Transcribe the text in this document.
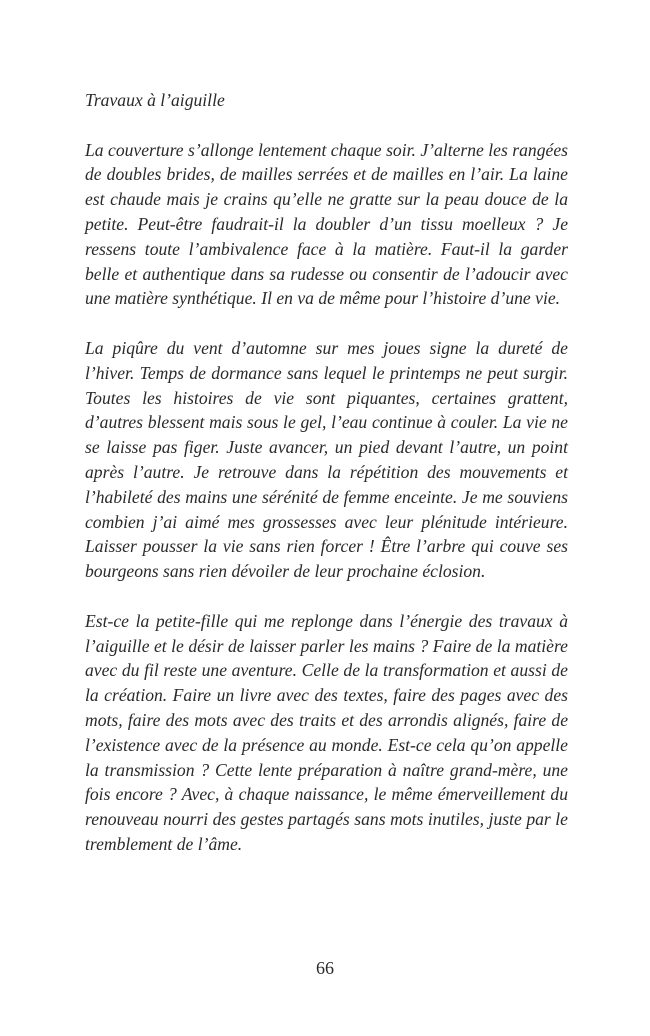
Travaux à l’aiguille

La couverture s’allonge lentement chaque soir. J’alterne les rangées de doubles brides, de mailles serrées et de mailles en l’air. La laine est chaude mais je crains qu’elle ne gratte sur la peau douce de la petite. Peut-être faudrait-il la doubler d’un tissu moelleux ? Je ressens toute l’ambivalence face à la matière. Faut-il la garder belle et authentique dans sa rudesse ou consentir de l’adoucir avec une matière synthétique. Il en va de même pour l’histoire d’une vie.

La piqûre du vent d’automne sur mes joues signe la dureté de l’hiver. Temps de dormance sans lequel le printemps ne peut surgir. Toutes les histoires de vie sont piquantes, certaines grattent, d’autres blessent mais sous le gel, l’eau continue à couler. La vie ne se laisse pas figer. Juste avancer, un pied devant l’autre, un point après l’autre. Je retrouve dans la répétition des mouvements et l’habileté des mains une sérénité de femme enceinte. Je me souviens combien j’ai aimé mes grossesses avec leur plénitude intérieure. Laisser pousser la vie sans rien forcer ! Être l’arbre qui couve ses bourgeons sans rien dévoiler de leur prochaine éclosion.

Est-ce la petite-fille qui me replonge dans l’énergie des travaux à l’aiguille et le désir de laisser parler les mains ? Faire de la matière avec du fil reste une aventure. Celle de la transformation et aussi de la création. Faire un livre avec des textes, faire des pages avec des mots, faire des mots avec des traits et des arrondis alignés, faire de l’existence avec de la présence au monde. Est-ce cela qu’on appelle la transmission ? Cette lente préparation à naître grand-mère, une fois encore ? Avec, à chaque naissance, le même émerveillement du renouveau nourri des gestes partagés sans mots inutiles, juste par le tremblement de l’âme.

66
